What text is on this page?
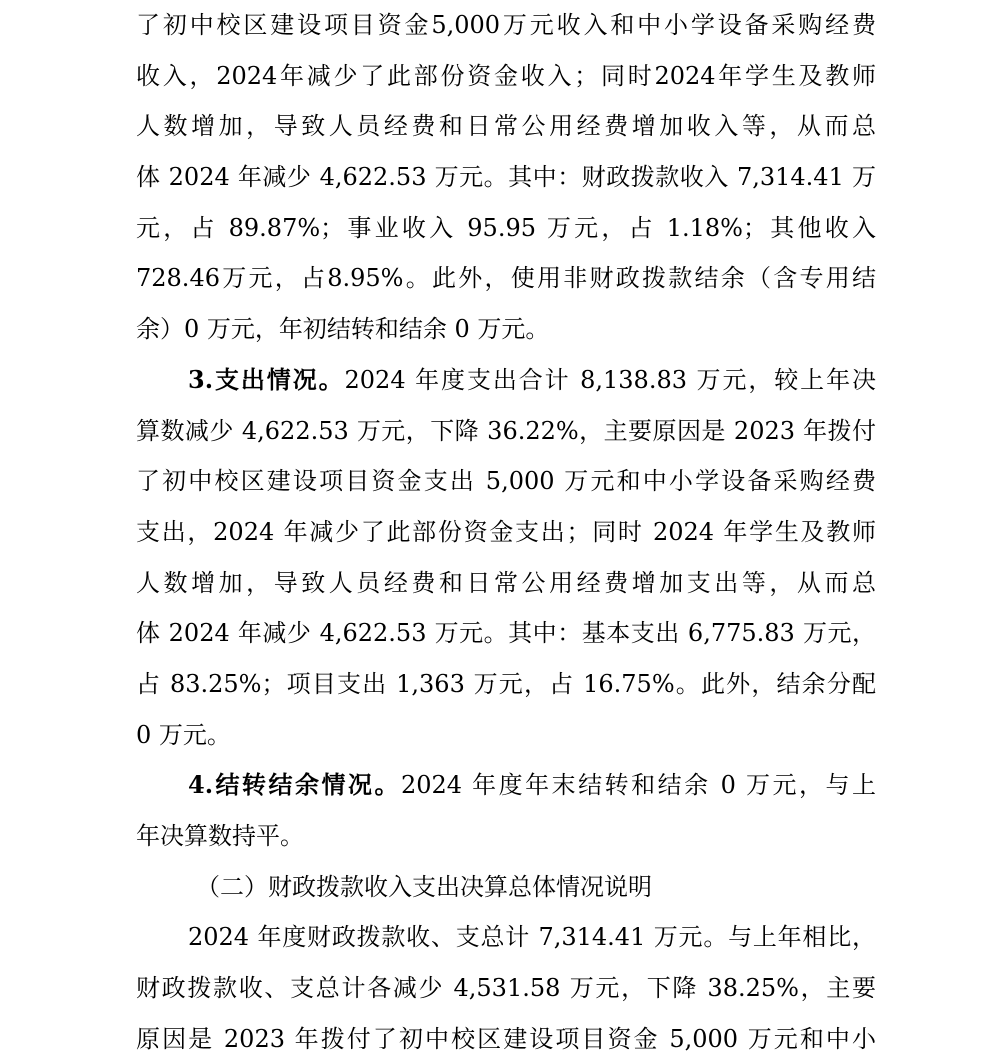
了初中校区建设项目资金5,000万元收入和中小学设备采购经费
收入，2024年减少了此部份资金收入；同时2024年学生及教师
人数增加，导致人员经费和日常公用经费增加收入等，从而总
体 2024 年减少 4,622.53 万元。其中：财政拨款收入 7,314.41 万
元，占 89.87%；事业收入 95.95 万元，占 1.18%；其他收入
728.46万元，占8.95%。此外，使用非财政拨款结余（含专用结
余）0 万元，年初结转和结余 0 万元。
3.支出情况。2024 年度支出合计 8,138.83 万元，较上年决
算数减少 4,622.53 万元，下降 36.22%，主要原因是 2023 年拨付
了初中校区建设项目资金支出 5,000 万元和中小学设备采购经费
支出，2024 年减少了此部份资金支出；同时 2024 年学生及教师
人数增加，导致人员经费和日常公用经费增加支出等，从而总
体 2024 年减少 4,622.53 万元。其中：基本支出 6,775.83 万元，
占 83.25%；项目支出 1,363 万元，占 16.75%。此外，结余分配
0 万元。
4.结转结余情况。2024 年度年末结转和结余 0 万元，与上
年决算数持平。
（二）财政拨款收入支出决算总体情况说明
2024 年度财政拨款收、支总计 7,314.41 万元。与上年相比，
财政拨款收、支总计各减少 4,531.58 万元，下降 38.25%，主要
原因是 2023 年拨付了初中校区建设项目资金 5,000 万元和中小
